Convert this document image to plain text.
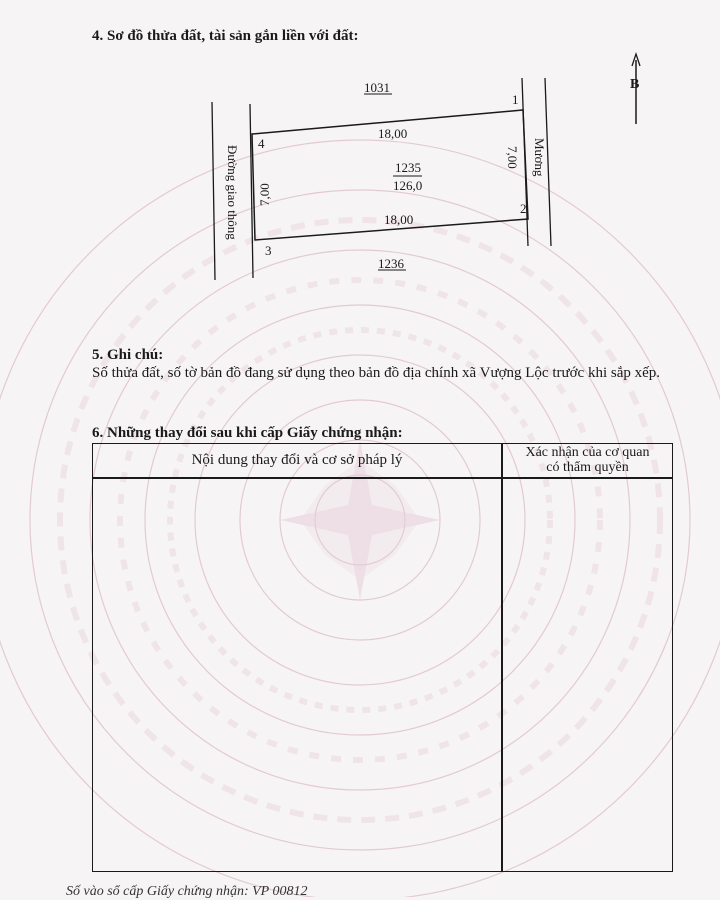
4. Sơ đồ thửa đất, tài sản gắn liền với đất:
B
1031
1236
18,00
18,00
7,00
7,00
1235
126,0
1
2
3
4
Đường giao thông	Mương
5. Ghi chú:
Số thửa đất, số tờ bản đồ đang sử dụng theo bản đồ địa chính xã Vượng Lộc trước khi sắp xếp.
6. Những thay đổi sau khi cấp Giấy chứng nhận:
Nội dung thay đổi và cơ sở pháp lý	Xác nhận của cơ quan
có thẩm quyền
Số vào sổ cấp Giấy chứng nhận: VP 00812
